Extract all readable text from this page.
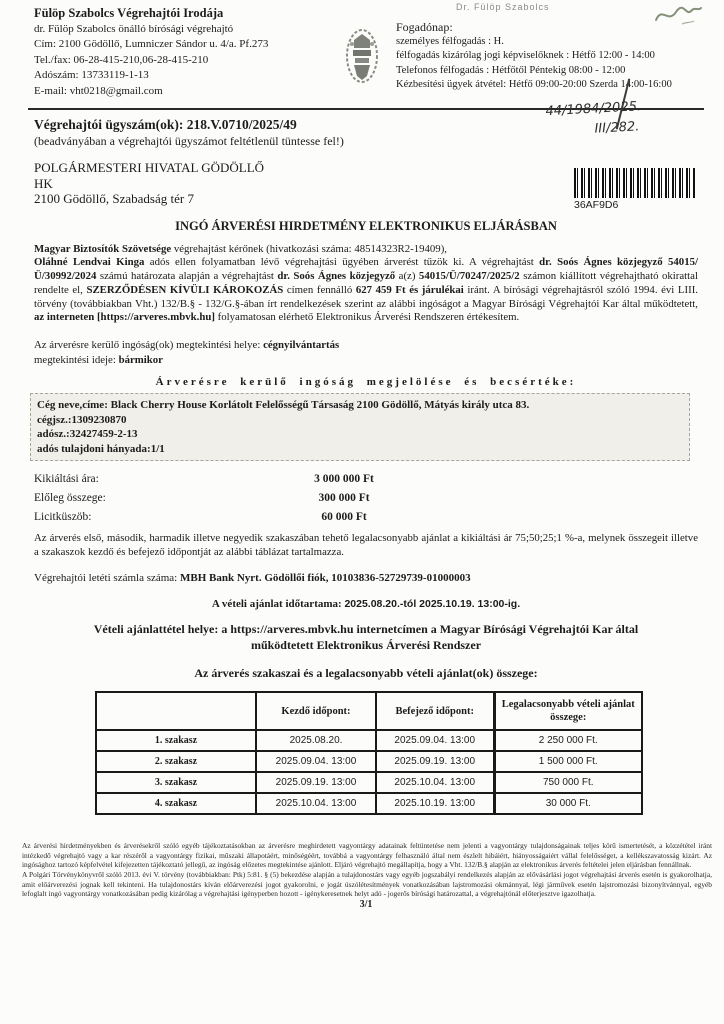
Fülöp Szabolcs Végrehajtói Irodája
dr. Fülöp Szabolcs önálló bírósági végrehajtó
Cím: 2100 Gödöllő, Lumniczer Sándor u. 4/a. Pf.273
Tel./fax: 06-28-415-210,06-28-415-210
Adószám: 13733119-1-13
E-mail: vht0218@gmail.com
Dr. Fülöp Szabolcs
Fogadónap:
személyes félfogadás : H.
félfogadás kizárólag jogi képviselőknek : Hétfő 12:00 - 14:00
Telefonos félfogadás : Hétfőtől Péntekig 08:00 - 12:00
Kézbesítési ügyek átvétel: Hétfő 09:00-20:00 Szerda 14:00-16:00
Végrehajtói ügyszám(ok): 218.V.0710/2025/49
(beadványában a végrehajtói ügyszámot feltétlenül tüntesse fel!)
44/1984/2025.
III/282.
36AF9D6
POLGÁRMESTERI HIVATAL GÖDÖLLŐ
HK
2100 Gödöllő, Szabadság tér 7
INGÓ ÁRVERÉSI HIRDETMÉNY ELEKTRONIKUS ELJÁRÁSBAN
Magyar Biztosítók Szövetsége végrehajtást kérőnek (hivatkozási száma: 48514323R2-19409),
Oláhné Lendvai Kinga adós ellen folyamatban lévő végrehajtási ügyében árverést tűzök ki. A végrehajtást dr. Soós Ágnes közjegyző 54015/Ü/30992/2024 számú határozata alapján a végrehajtást dr. Soós Ágnes közjegyző a(z) 54015/Ü/70247/2025/2 számon kiállított végrehajtható okirattal rendelte el, SZERZŐDÉSEN KÍVÜLI KÁROKOZÁS címen fennálló 627 459 Ft és járulékai iránt. A bírósági végrehajtásról szóló 1994. évi LIII. törvény (továbbiakban Vht.) 132/B.§ - 132/G.§-ában írt rendelkezések szerint az alábbi ingóságot a Magyar Bírósági Végrehajtói Kar által működtetett, az interneten [https://arveres.mbvk.hu] folyamatosan elérhető Elektronikus Árverési Rendszeren értékesítem.
Az árverésre kerülő ingóság(ok) megtekintési helye: cégnyilvántartás
megtekintési ideje: bármikor
Árverésre kerülő ingóság megjelölése és becsértéke:
Cég neve,címe: Black Cherry House Korlátolt Felelősségű Társaság 2100 Gödöllő, Mátyás király utca 83.
cégjsz.:1309230870
adósz.:32427459-2-13
adós tulajdoni hányada:1/1
Kikiáltási ára:	3 000 000 Ft
Előleg összege:	300 000 Ft
Licitküszöb:	60 000 Ft
Az árverés első, második, harmadik illetve negyedik szakaszában tehető legalacsonyabb ajánlat a kikiáltási ár 75;50;25;1 %-a, melynek összegeit illetve a szakaszok kezdő és befejező időpontját az alábbi táblázat tartalmazza.
Végrehajtói letéti számla száma: MBH Bank Nyrt. Gödöllői fiók, 10103836-52729739-01000003
A vételi ajánlat időtartama: 2025.08.20.-tól 2025.10.19. 13:00-ig.
Vételi ajánlattétel helye: a https://arveres.mbvk.hu internetcímen a Magyar Bírósági Végrehajtói Kar által működtetett Elektronikus Árverési Rendszer
Az árverés szakaszai és a legalacsonyabb vételi ajánlat(ok) összege:
	Kezdő időpont:	Befejező időpont:	Legalacsonyabb vételi ajánlat összege:
1. szakasz	2025.08.20.	2025.09.04. 13:00	2 250 000 Ft.
2. szakasz	2025.09.04. 13:00	2025.09.19. 13:00	1 500 000 Ft.
3. szakasz	2025.09.19. 13:00	2025.10.04. 13:00	750 000 Ft.
4. szakasz	2025.10.04. 13:00	2025.10.19. 13:00	30 000 Ft.

Az árverési hirdetményekben és árverésekről szóló egyéb tájékoztatásokban az árverésre meghirdetett vagyontárgy adatainak feltüntetése nem jelenti a vagyontárgy tulajdonságainak teljes körű ismertetését, a közzététel iránt intézkedő végrehajtó vagy a kar részéről a vagyontárgy fizikai, műszaki állapotáért, minőségéért, továbbá a vagyontárgy felhasználó által nem észlelt hibáiért, hiányosságaiért vállal felelősséget, a kellékszavatosság kizárt. Az ingósághoz tartozó képfelvétel kifejezetten tájékoztató jellegű, az ingóság előzetes megtekintése ajánlott. Eljáró végrehajtó megállapítja, hogy a Vht. 132/B.§ alapján az elektronikus árverés feltételei jelen eljárásban fennállnak.

A Polgári Törvénykönyvről szóló 2013. évi V. törvény (továbbiakban: Ptk) 5:81. § (5) bekezdése alapján a tulajdonostárs vagy egyéb jogszabályi rendelkezés alapján az elővásárlási jogot végrehajtási árverés esetén is gyakorolhatja, amit előárverezési jognak kell tekinteni. Ha tulajdonostárs kíván előárverezési jogot gyakorolni, e jogát úszólétesítmények vonatkozásában lajstromozási okmánnyal, légi járművek esetén lajstromozási bizonyítvánnyal, egyéb lefoglalt ingó vagyontárgy vonatkozásában pedig kizárólag a végrehajtási igényperben hozott - igénykeresetnek helyt adó - jogerős bírósági határozattal, a végrehajtónál előterjesztve igazolhatja.

3/1
